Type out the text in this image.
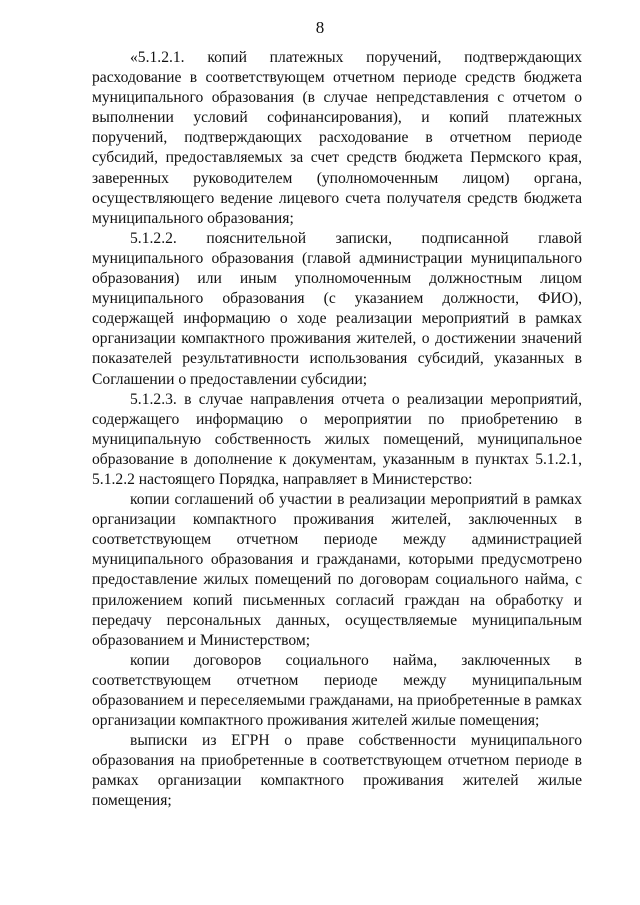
8

«5.1.2.1. копий платежных поручений, подтверждающих расходование в соответствующем отчетном периоде средств бюджета муниципального образования (в случае непредставления с отчетом о выполнении условий софинансирования), и копий платежных поручений, подтверждающих расходование в отчетном периоде субсидий, предоставляемых за счет средств бюджета Пермского края, заверенных руководителем (уполномоченным лицом) органа, осуществляющего ведение лицевого счета получателя средств бюджета муниципального образования;

5.1.2.2. пояснительной записки, подписанной главой муниципального образования (главой администрации муниципального образования) или иным уполномоченным должностным лицом муниципального образования (с указанием должности, ФИО), содержащей информацию о ходе реализации мероприятий в рамках организации компактного проживания жителей, о достижении значений показателей результативности использования субсидий, указанных в Соглашении о предоставлении субсидии;

5.1.2.3. в случае направления отчета о реализации мероприятий, содержащего информацию о мероприятии по приобретению в муниципальную собственность жилых помещений, муниципальное образование в дополнение к документам, указанным в пунктах 5.1.2.1, 5.1.2.2 настоящего Порядка, направляет в Министерство:

копии соглашений об участии в реализации мероприятий в рамках организации компактного проживания жителей, заключенных в соответствующем отчетном периоде между администрацией муниципального образования и гражданами, которыми предусмотрено предоставление жилых помещений по договорам социального найма, с приложением копий письменных согласий граждан на обработку и передачу персональных данных, осуществляемые муниципальным образованием и Министерством;

копии договоров социального найма, заключенных в соответствующем отчетном периоде между муниципальным образованием и переселяемыми гражданами, на приобретенные в рамках организации компактного проживания жителей жилые помещения;

выписки из ЕГРН о праве собственности муниципального образования на приобретенные в соответствующем отчетном периоде в рамках организации компактного проживания жителей жилые помещения;
